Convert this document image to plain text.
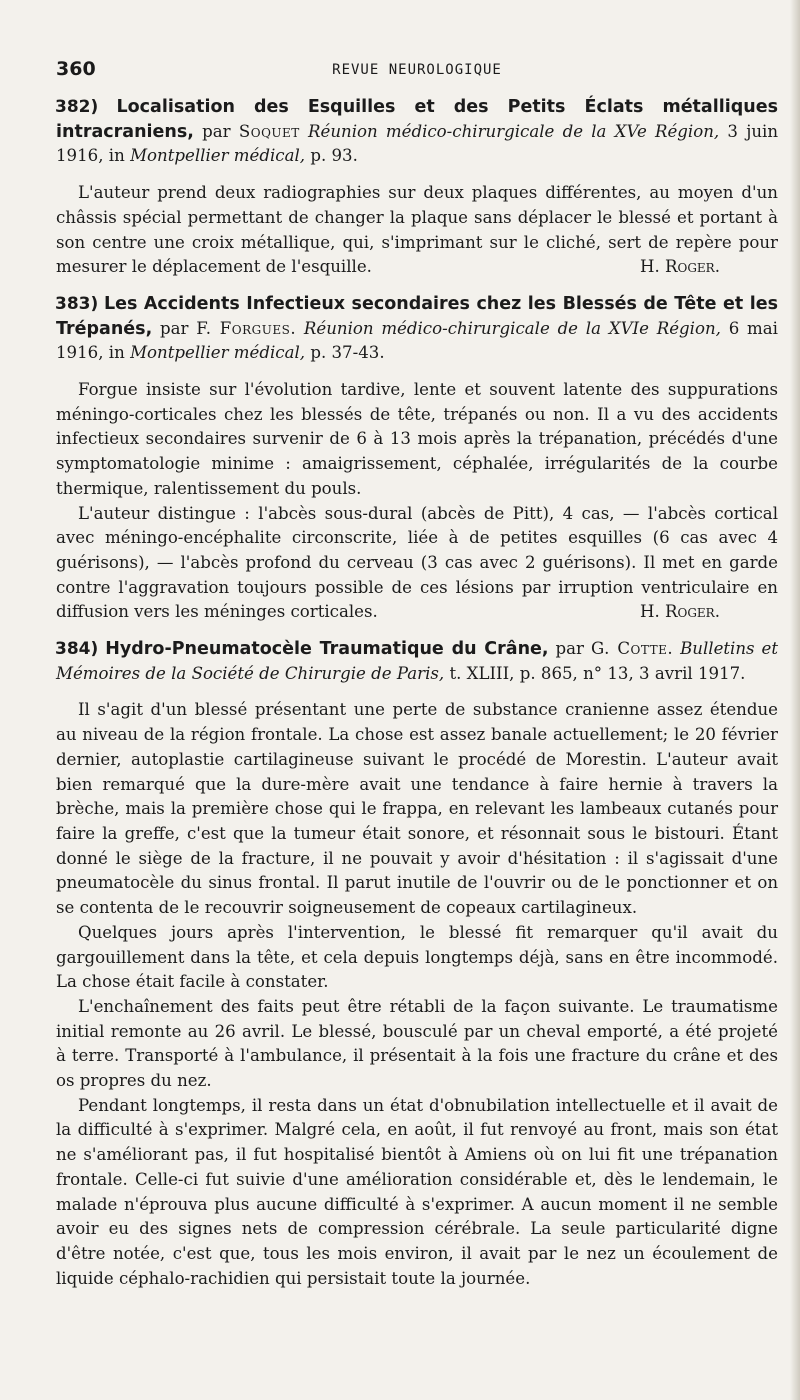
360	REVUE NEUROLOGIQUE

382) Localisation des Esquilles et des Petits Éclats métalliques intracraniens, par Soquet Réunion médico-chirurgicale de la XVe Région, 3 juin 1916, in Montpellier médical, p. 93.

L'auteur prend deux radiographies sur deux plaques différentes, au moyen d'un châssis spécial permettant de changer la plaque sans déplacer le blessé et portant à son centre une croix métallique, qui, s'imprimant sur le cliché, sert de repère pour mesurer le déplacement de l'esquille.	H. Roger.

383) Les Accidents Infectieux secondaires chez les Blessés de Tête et les Trépanés, par F. Forgues. Réunion médico-chirurgicale de la XVIe Région, 6 mai 1916, in Montpellier médical, p. 37-43.

Forgue insiste sur l'évolution tardive, lente et souvent latente des suppurations méningo-corticales chez les blessés de tête, trépanés ou non. Il a vu des accidents infectieux secondaires survenir de 6 à 13 mois après la trépanation, précédés d'une symptomatologie minime : amaigrissement, céphalée, irrégularités de la courbe thermique, ralentissement du pouls.

L'auteur distingue : l'abcès sous-dural (abcès de Pitt), 4 cas, — l'abcès cortical avec méningo-encéphalite circonscrite, liée à de petites esquilles (6 cas avec 4 guérisons), — l'abcès profond du cerveau (3 cas avec 2 guérisons). Il met en garde contre l'aggravation toujours possible de ces lésions par irruption ventriculaire en diffusion vers les méninges corticales.	H. Roger.

384) Hydro-Pneumatocèle Traumatique du Crâne, par G. Cotte. Bulletins et Mémoires de la Société de Chirurgie de Paris, t. XLIII, p. 865, n° 13, 3 avril 1917.

Il s'agit d'un blessé présentant une perte de substance cranienne assez étendue au niveau de la région frontale. La chose est assez banale actuellement; le 20 février dernier, autoplastie cartilagineuse suivant le procédé de Morestin. L'auteur avait bien remarqué que la dure-mère avait une tendance à faire hernie à travers la brèche, mais la première chose qui le frappa, en relevant les lambeaux cutanés pour faire la greffe, c'est que la tumeur était sonore, et résonnait sous le bistouri. Étant donné le siège de la fracture, il ne pouvait y avoir d'hésitation : il s'agissait d'une pneumatocèle du sinus frontal. Il parut inutile de l'ouvrir ou de le ponctionner et on se contenta de le recouvrir soigneusement de copeaux cartilagineux.

Quelques jours après l'intervention, le blessé fit remarquer qu'il avait du gargouillement dans la tête, et cela depuis longtemps déjà, sans en être incommodé. La chose était facile à constater.

L'enchaînement des faits peut être rétabli de la façon suivante. Le traumatisme initial remonte au 26 avril. Le blessé, bousculé par un cheval emporté, a été projeté à terre. Transporté à l'ambulance, il présentait à la fois une fracture du crâne et des os propres du nez.

Pendant longtemps, il resta dans un état d'obnubilation intellectuelle et il avait de la difficulté à s'exprimer. Malgré cela, en août, il fut renvoyé au front, mais son état ne s'améliorant pas, il fut hospitalisé bientôt à Amiens où on lui fit une trépanation frontale. Celle-ci fut suivie d'une amélioration considérable et, dès le lendemain, le malade n'éprouva plus aucune difficulté à s'exprimer. A aucun moment il ne semble avoir eu des signes nets de compression cérébrale. La seule particularité digne d'être notée, c'est que, tous les mois environ, il avait par le nez un écoulement de liquide céphalo-rachidien qui persistait toute la journée.
